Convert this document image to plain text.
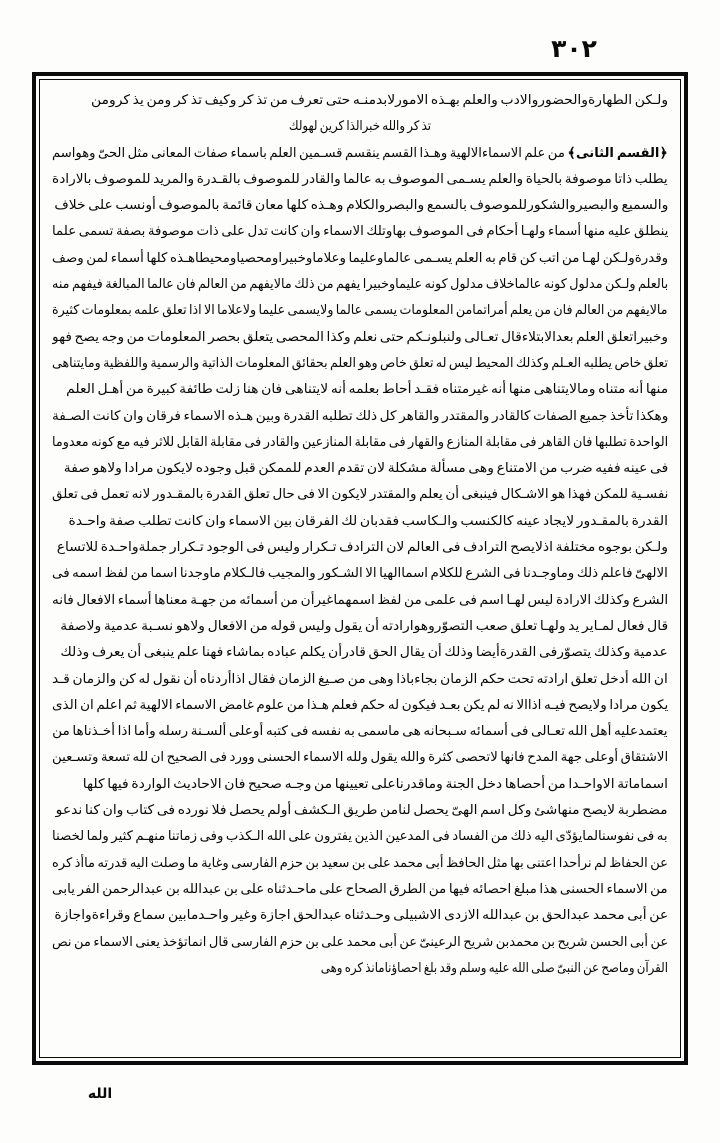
٣٠٢
ولـكن الطهارةوالحضوروالادب والعلم بهـذه الامورلابدمنـه حتى تعرف من تذ كر وكيف تذ كر ومن يذ كرومن
تذ كر والله خبرالذا كرين لهولك
﴿القسم الثانى﴾ من علم الاسماءالالهية وهـذا القسم ينقسم قسـمين العلم باسماء صفات المعانى مثل الحىّ وهواسم
يطلب ذاتا موصوفة بالحياة والعلم يسـمى الموصوف به عالما والقادر للموصوف بالقـدرة والمريد للموصوف بالارادة
والسميع والبصيروالشكورللموصوف بالسمع والبصروالكلام وهـذه كلها معان قائمة بالموصوف أونسب على خلاف
ينطلق عليه منها أسماء ولهـا أحكام فى الموصوف بهاوتلك الاسماء وان كانت تدل على ذات موصوفة بصفة تسمى علما
وقدرةولـكن لهـا من اتب كن قام به العلم يسـمى عالماوعليما وعلاماوخبيراومحصياومحيطاهـذه كلها أسماء لمن وصف
بالعلم ولـكن مدلول كونه عالماخلاف مدلول كونه عليماوخبيرا يفهم من ذلك مالايفهم من العالم فان عالما المبالغة فيفهم منه
مالايفهم من العالم فان من يعلم أمراتمامن المعلومات يسمى عالما ولايسمى عليما ولاعلاما الا اذا تعلق علمه بمعلومات كثيرة
وخبيراتعلق العلم بعدالابتلاءقال تعـالى ولنبلونـكم حتى نعلم وكذا المحصى يتعلق بحصر المعلومات من وجه يصح فهو
تعلق خاص يطلبه العـلم وكذلك المحيط ليس له تعلق خاص وهو العلم بحقائق المعلومات الذاتية والرسمية واللفظية ومايتناهى
منها أنه متناه ومالايتناهى منها أنه غيرمتناه فقـد أحاط بعلمه أنه لايتناهى فان هنا زلت طائفة كبيرة من أهـل العلم
وهكذا تأخذ جميع الصفات كالقادر والمقتدر والقاهر كل ذلك تطلبه القدرة وبين هـذه الاسماء فرقان وان كانت الصـفة
الواحدة تطلبها فان القاهر فى مقابلة المنازع والقهار فى مقابلة المنازعين والقادر فى مقابلة القابل للاثر فيه مع كونه معدوما
فى عينه ففيه ضرب من الامتناع وهى مسألة مشكلة لان تقدم العدم للممكن قبل وجوده لايكون مرادا ولاهو صفة
نفسـية للمكن فهذا هو الاشـكال فينبغى أن يعلم والمقتدر لايكون الا فى حال تعلق القدرة بالمقـدور لانه تعمل فى تعلق
القدرة بالمقـدور لايجاد عينه كالكنسب والـكاسب فقدبان لك الفرقان بين الاسماء وان كانت تطلب صفة واحـدة
ولـكن بوجوه مختلفة اذلايصح الترادف فى العالم لان الترادف تـكرار وليس فى الوجود تـكرار جملةواحـدة للاتساع
الالهىّ فاعلم ذلك وماوجـدنا فى الشرع للكلام اسماالهيا الا الشـكور والمجيب فالـكلام ماوجدنا اسما من لفظ اسمه فى
الشرع وكذلك الارادة ليس لهـا اسم فى علمى من لفظ اسمهماغيرأن من أسمائه من جهـة معناها أسماء الافعال فانه
قال فعال لمـاير يد ولهـا تعلق صعب التصوّروهوارادته أن يقول وليس قوله من الافعال ولاهو نسـبة عدمية ولاصفة
عدمية وكذلك يتصوّرفى القدرةأيضا وذلك أن يقال الحق قادرأن يكلم عباده بماشاء فهنا علم ينبغى أن يعرف وذلك
ان الله أدخل تعلق ارادته تحت حكم الزمان بجاءباذا وهى من صـيغ الزمان فقال اذاأردناه أن نقول له كن والزمان قـد
يكون مرادا ولايصح فيـه اذاالا نه لم يكن بعـد فيكون له حكم فعلم هـذا من علوم غامض الاسماء الالهية ثم اعلم ان الذى
يعتمدعليه أهل الله تعـالى فى أسمائه سـبحانه هى ماسمى به نفسه فى كتبه أوعلى ألسـنة رسله وأما اذا أخـذناها من
الاشتقاق أوعلى جهة المدح فانها لاتحصى كثرة والله يقول ولله الاسماء الحسنى وورد فى الصحيح ان لله تسعة وتسـعين
اسماماتة الاواحـدا من أحصاها دخل الجنة وماقدرناعلى تعيينها من وجـه صحيح فان الاحاديث الواردة فيها كلها
مضطربة لايصح منهاشئ وكل اسم الهىّ يحصل لنامن طريق الـكشف أولم يحصل فلا نورده فى كتاب وان كنا ندعو
به فى نفوسنالمايؤدّى اليه ذلك من الفساد فى المدعين الذين يفترون على الله الـكذب وفى زماتنا منهـم كثير ولما لخصنا
عن الحفاظ لم نرأحدا اعتنى بها مثل الحافظ أبى محمد على بن سعيد بن حزم الفارسى وغاية ما وصلت اليه قدرته ماأذ كره
من الاسماء الحسنى هذا مبلغ احصائه فيها من الطرق الصحاح على ماحـدثناه على بن عبدالله بن عبدالرحمن الفر يابى
عن أبى محمد عبدالحق بن عبدالله الازدى الاشبيلى وحـدثناه عبدالحق اجازة وغير واحـدمابين سماع وقراءةواجازة
عن أبى الحسن شريح بن محمدبن شريح الرعينىّ عن أبى محمد على بن حزم الفارسى قال انماتؤخذ يعنى الاسماء من نص
القرآن وماصح عن النبىّ صلى الله عليه وسلم وقد بلغ احصاؤنامانذ كره وهى
الله
